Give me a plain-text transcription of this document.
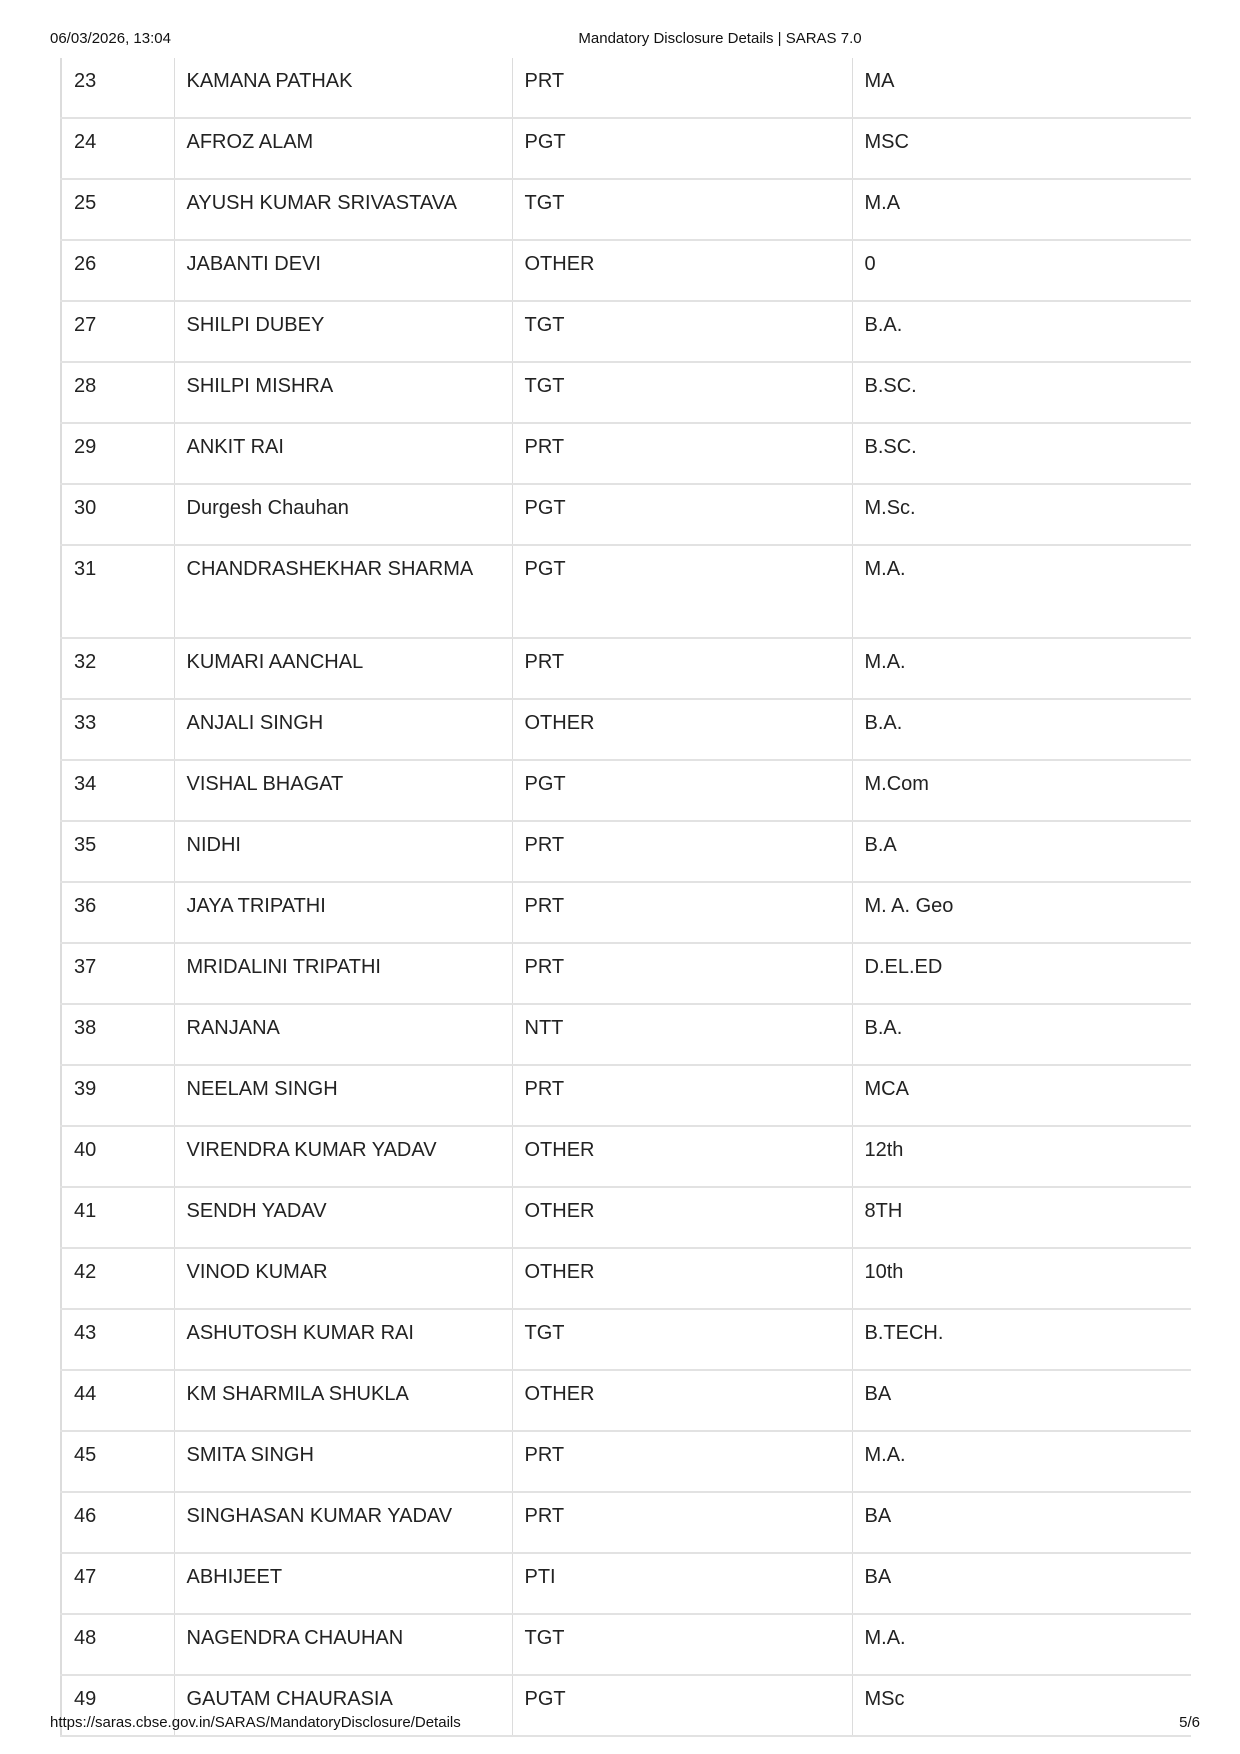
06/03/2026, 13:04	Mandatory Disclosure Details | SARAS 7.0
23	KAMANA PATHAK	PRT	MA

24	AFROZ ALAM	PGT	MSC

25	AYUSH KUMAR SRIVASTAVA	TGT	M.A

26	JABANTI DEVI	OTHER	0

27	SHILPI DUBEY	TGT	B.A.

28	SHILPI MISHRA	TGT	B.SC.

29	ANKIT RAI	PRT	B.SC.

30	Durgesh Chauhan	PGT	M.Sc.

31	CHANDRASHEKHAR SHARMA	PGT	M.A.

32	KUMARI AANCHAL	PRT	M.A.

33	ANJALI SINGH	OTHER	B.A.

34	VISHAL BHAGAT	PGT	M.Com

35	NIDHI	PRT	B.A

36	JAYA TRIPATHI	PRT	M. A. Geo

37	MRIDALINI TRIPATHI	PRT	D.EL.ED

38	RANJANA	NTT	B.A.

39	NEELAM SINGH	PRT	MCA

40	VIRENDRA KUMAR YADAV	OTHER	12th

41	SENDH YADAV	OTHER	8TH

42	VINOD KUMAR	OTHER	10th

43	ASHUTOSH KUMAR RAI	TGT	B.TECH.

44	KM SHARMILA SHUKLA	OTHER	BA

45	SMITA SINGH	PRT	M.A.

46	SINGHASAN KUMAR YADAV	PRT	BA

47	ABHIJEET	PTI	BA

48	NAGENDRA CHAUHAN	TGT	M.A.

49	GAUTAM CHAURASIA	PGT	MSc
https://saras.cbse.gov.in/SARAS/MandatoryDisclosure/Details	5/6
